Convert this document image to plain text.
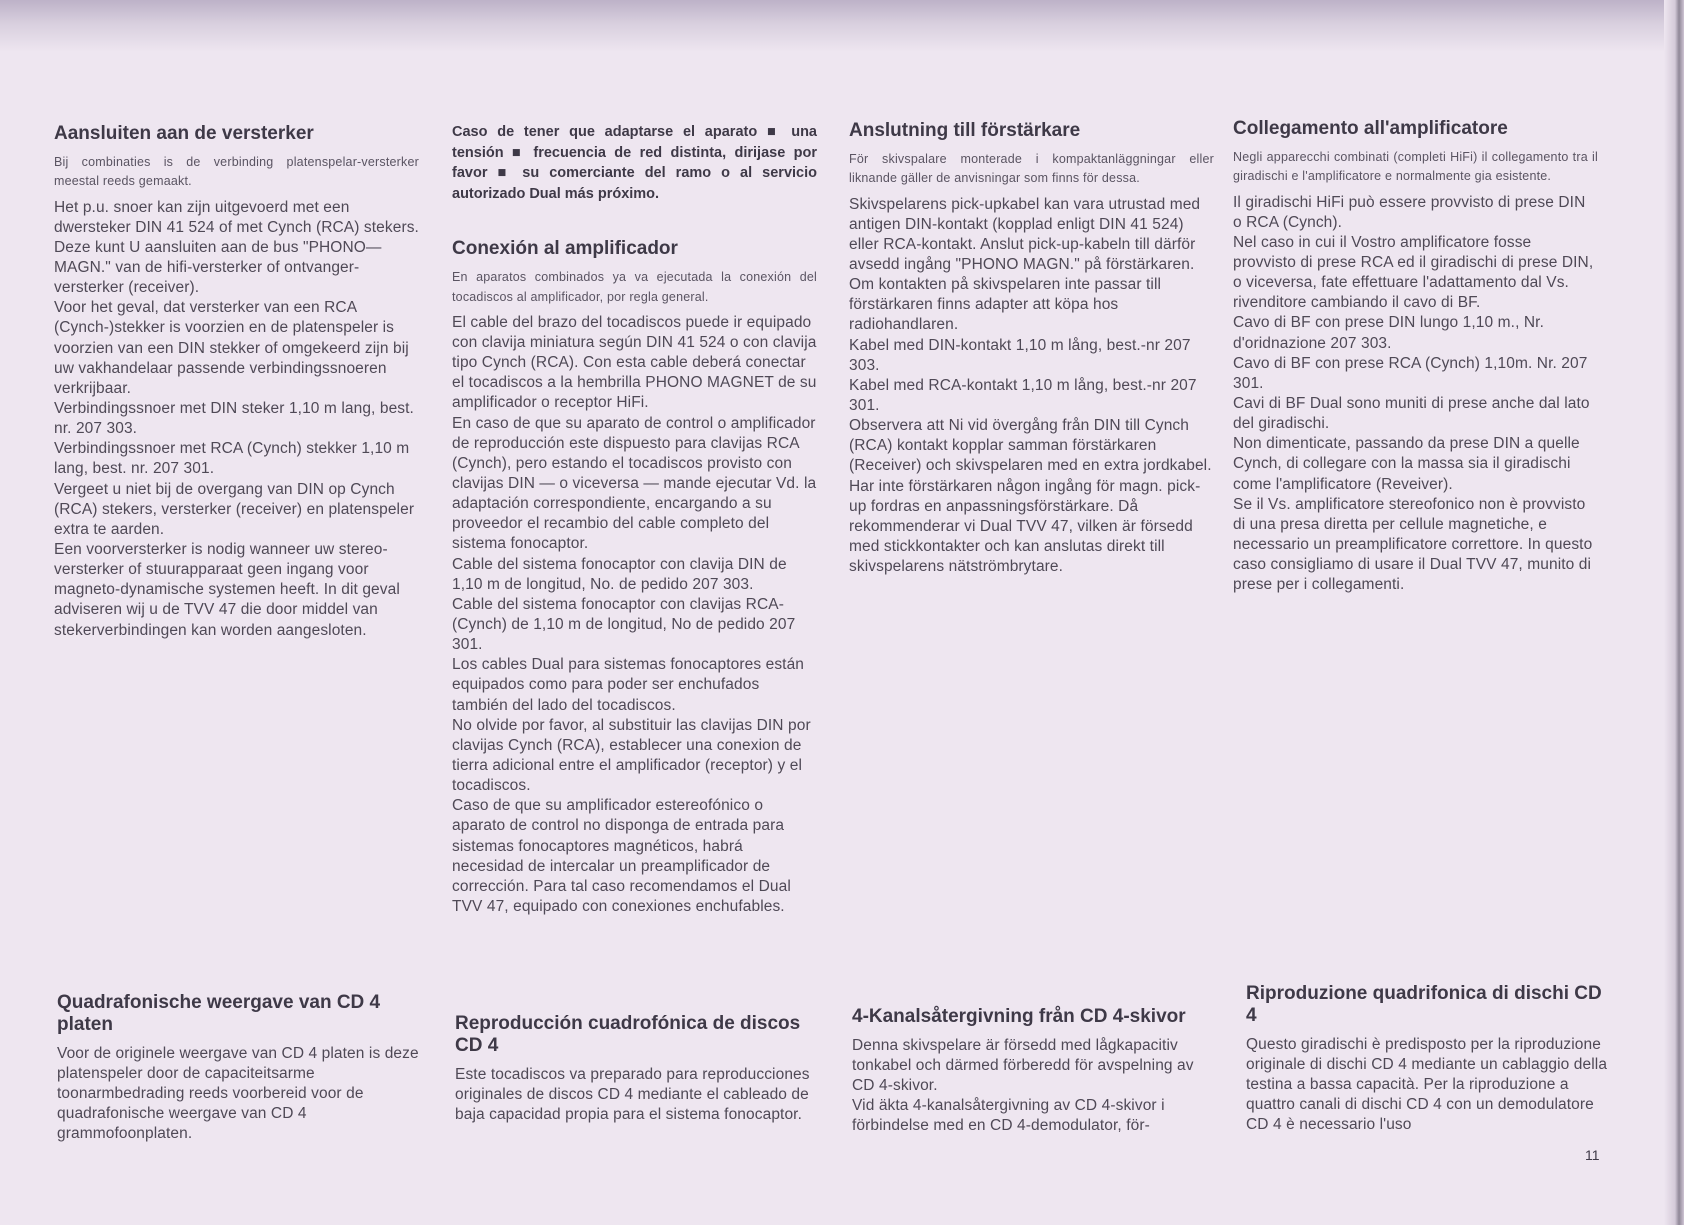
Aansluiten aan de versterker

Bij combinaties is de verbinding platenspelar-versterker meestal reeds gemaakt.

Het p.u. snoer kan zijn uitgevoerd met een dwersteker DIN 41 524 of met Cynch (RCA) stekers. Deze kunt U aansluiten aan de bus "PHONO—MAGN." van de hifi-versterker of ontvanger-versterker (receiver).

Voor het geval, dat versterker van een RCA (Cynch-)stekker is voorzien en de platenspeler is voorzien van een DIN stekker of omgekeerd zijn bij uw vakhandelaar passende verbindingssnoeren verkrijbaar.

Verbindingssnoer met DIN steker 1,10 m lang, best. nr. 207 303.

Verbindingssnoer met RCA (Cynch) stekker 1,10 m lang, best. nr. 207 301.

Vergeet u niet bij de overgang van DIN op Cynch (RCA) stekers, versterker (receiver) en platenspeler extra te aarden.

Een voorversterker is nodig wanneer uw stereo-versterker of stuurapparaat geen ingang voor magneto-dynamische systemen heeft. In dit geval adviseren wij u de TVV 47 die door middel van stekerverbindingen kan worden aangesloten.

Quadrafonische weergave van CD 4 platen

Voor de originele weergave van CD 4 platen is deze platenspeler door de capaciteitsarme toonarmbedrading reeds voorbereid voor de quadrafonische weergave van CD 4 grammofoonplaten.

Caso de tener que adaptarse el aparato ■ una tensión ■ frecuencia de red distinta, dirijase por favor ■ su comerciante del ramo o al servicio autorizado Dual más próximo.

Conexión al amplificador

En aparatos combinados ya va ejecutada la conexión del tocadiscos al amplificador, por regla general.

El cable del brazo del tocadiscos puede ir equipado con clavija miniatura según DIN 41 524 o con clavija tipo Cynch (RCA). Con esta cable deberá conectar el tocadiscos a la hembrilla PHONO MAGNET de su amplificador o receptor HiFi.

En caso de que su aparato de control o amplificador de reproducción este dispuesto para clavijas RCA (Cynch), pero estando el tocadiscos provisto con clavijas DIN — o viceversa — mande ejecutar Vd. la adaptación correspondiente, encargando a su proveedor el recambio del cable completo del sistema fonocaptor.

Cable del sistema fonocaptor con clavija DIN de 1,10 m de longitud, No. de pedido 207 303.

Cable del sistema fonocaptor con clavijas RCA-(Cynch) de 1,10 m de longitud, No de pedido 207 301.

Los cables Dual para sistemas fonocaptores están equipados como para poder ser enchufados también del lado del tocadiscos.

No olvide por favor, al substituir las clavijas DIN por clavijas Cynch (RCA), establecer una conexion de tierra adicional entre el amplificador (receptor) y el tocadiscos.

Caso de que su amplificador estereofónico o aparato de control no disponga de entrada para sistemas fonocaptores magnéticos, habrá necesidad de intercalar un preamplificador de corrección. Para tal caso recomendamos el Dual TVV 47, equipado con conexiones enchufables.

Reproducción cuadrofónica de discos CD 4

Este tocadiscos va preparado para reproducciones originales de discos CD 4 mediante el cableado de baja capacidad propia para el sistema fonocaptor.

Anslutning till förstärkare

För skivspalare monterade i kompaktanläggningar eller liknande gäller de anvisningar som finns för dessa.

Skivspelarens pick-upkabel kan vara utrustad med antigen DIN-kontakt (kopplad enligt DIN 41 524) eller RCA-kontakt. Anslut pick-up-kabeln till därför avsedd ingång "PHONO MAGN." på förstärkaren.

Om kontakten på skivspelaren inte passar till förstärkaren finns adapter att köpa hos radiohandlaren.

Kabel med DIN-kontakt 1,10 m lång, best.-nr 207 303.

Kabel med RCA-kontakt 1,10 m lång, best.-nr 207 301.

Observera att Ni vid övergång från DIN till Cynch (RCA) kontakt kopplar samman förstärkaren (Receiver) och skivspelaren med en extra jordkabel.

Har inte förstärkaren någon ingång för magn. pick-up fordras en anpassningsförstärkare. Då rekommenderar vi Dual TVV 47, vilken är försedd med stickkontakter och kan anslutas direkt till skivspelarens nätströmbrytare.

4-Kanalsåtergivning från CD 4-skivor

Denna skivspelare är försedd med lågkapacitiv tonkabel och därmed förberedd för avspelning av CD 4-skivor.

Vid äkta 4-kanalsåtergivning av CD 4-skivor i förbindelse med en CD 4-demodulator, för-

Collegamento all'amplificatore

Negli apparecchi combinati (completi HiFi) il collegamento tra il giradischi e l'amplificatore e normalmente gia esistente.

Il giradischi HiFi può essere provvisto di prese DIN o RCA (Cynch).

Nel caso in cui il Vostro amplificatore fosse provvisto di prese RCA ed il giradischi di prese DIN, o viceversa, fate effettuare l'adattamento dal Vs. rivenditore cambiando il cavo di BF.

Cavo di BF con prese DIN lungo 1,10 m., Nr. d'oridnazione 207 303.

Cavo di BF con prese RCA (Cynch) 1,10m. Nr. 207 301.

Cavi di BF Dual sono muniti di prese anche dal lato del giradischi.

Non dimenticate, passando da prese DIN a quelle Cynch, di collegare con la massa sia il giradischi come l'amplificatore (Reveiver).

Se il Vs. amplificatore stereofonico non è provvisto di una presa diretta per cellule magnetiche, e necessario un preamplificatore correttore. In questo caso consigliamo di usare il Dual TVV 47, munito di prese per i collegamenti.

Riproduzione quadrifonica di dischi CD 4

Questo giradischi è predisposto per la riproduzione originale di dischi CD 4 mediante un cablaggio della testina a bassa capacità. Per la riproduzione a quattro canali di dischi CD 4 con un demodulatore CD 4 è necessario l'uso

11
